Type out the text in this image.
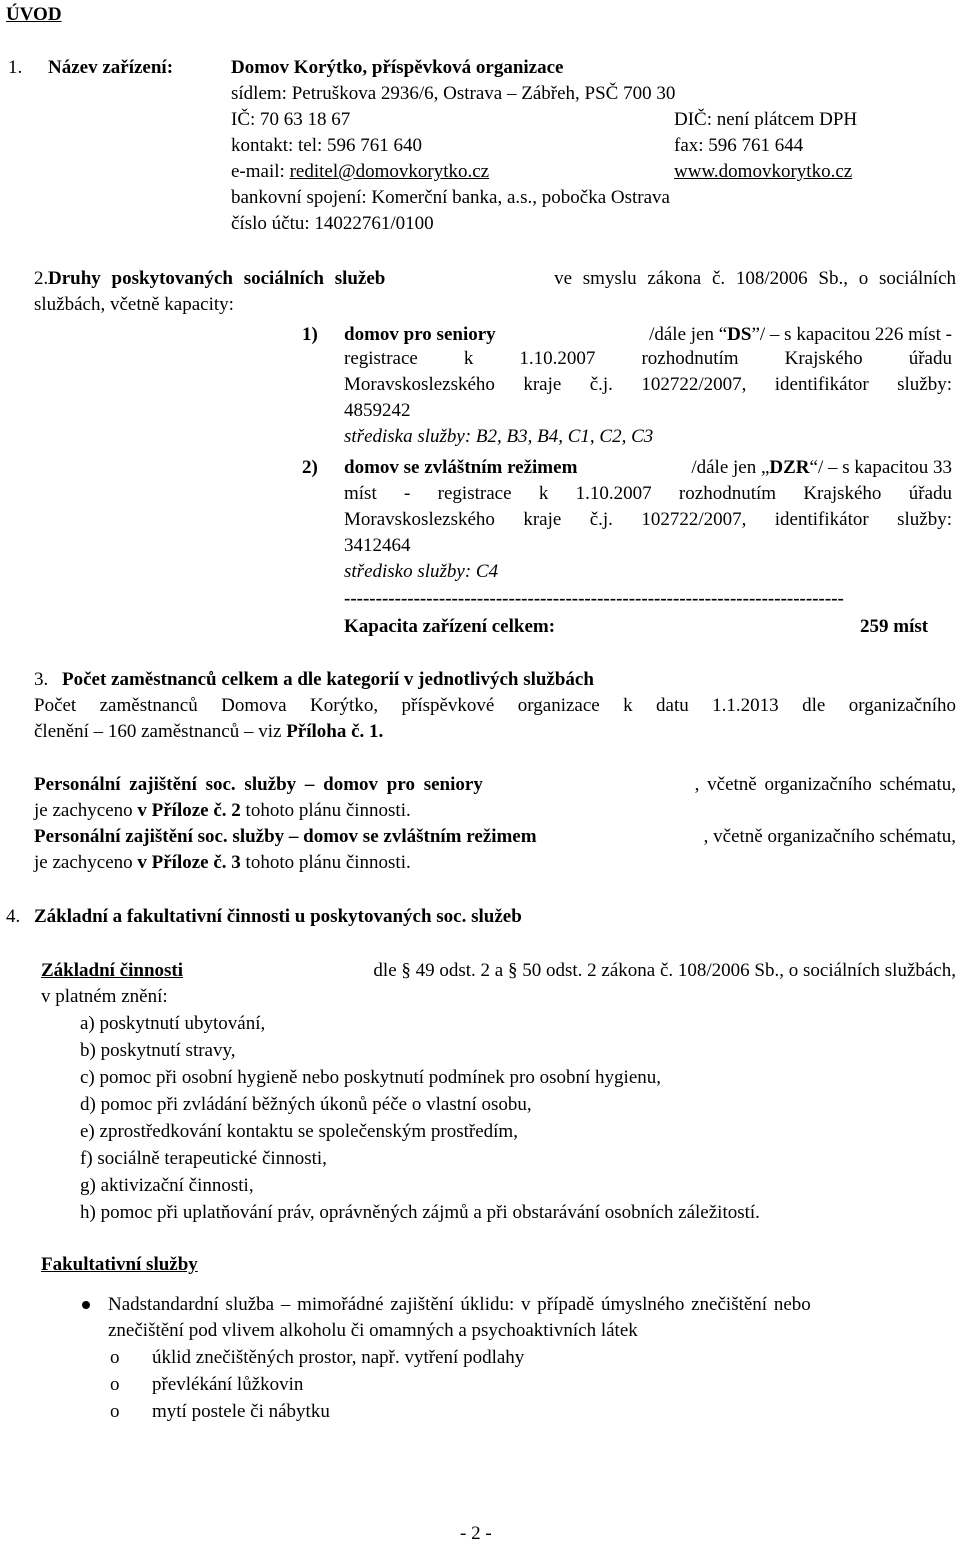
ÚVOD
1. Název zařízení:	Domov Korýtko, příspěvková organizace
sídlem: Petruškova 2936/6, Ostrava – Zábřeh, PSČ 700 30
IČ: 70 63 18 67	DIČ: není plátcem DPH
kontakt: tel: 596 761 640	fax: 596 761 644
e-mail: reditel@domovkorytko.cz	www.domovkorytko.cz
bankovní spojení: Komerční banka, a.s., pobočka Ostrava
číslo účtu: 14022761/0100
2. Druhy poskytovaných sociálních služeb	ve smyslu zákona č. 108/2006 Sb., o sociálních
službách, včetně kapacity:
1) domov pro seniory	/dále jen “DS”/ – s kapacitou 226 míst -
registrace k 1.10.2007 rozhodnutím Krajského úřadu
Moravskoslezského kraje č.j. 102722/2007, identifikátor služby:
4859242
střediska služby: B2, B3, B4, C1, C2, C3
2) domov se zvláštním režimem	/dále jen „DZR“/ – s kapacitou 33
míst - registrace k 1.10.2007 rozhodnutím Krajského úřadu
Moravskoslezského kraje č.j. 102722/2007, identifikátor služby:
3412464
středisko služby: C4
-------------------------------------------------------------------------------
Kapacita zařízení celkem:	259 míst
3. Počet zaměstnanců celkem a dle kategorií v jednotlivých službách
Počet zaměstnanců Domova Korýtko, příspěvkové organizace k datu 1.1.2013 dle organizačního
členění – 160 zaměstnanců – viz Příloha č. 1.
Personální zajištění soc. služby – domov pro seniory	, včetně organizačního schématu,
je zachyceno v Příloze č. 2 tohoto plánu činnosti.
Personální zajištění soc. služby – domov se zvláštním režimem	, včetně organizačního schématu,
je zachyceno v Příloze č. 3 tohoto plánu činnosti.
4. Základní a fakultativní činnosti u poskytovaných soc. služeb
Základní činnosti	dle § 49 odst. 2 a § 50 odst. 2 zákona č. 108/2006 Sb., o sociálních službách,
v platném znění:
a) poskytnutí ubytování,
b) poskytnutí stravy,
c) pomoc při osobní hygieně nebo poskytnutí podmínek pro osobní hygienu,
d) pomoc při zvládání běžných úkonů péče o vlastní osobu,
e) zprostředkování kontaktu se společenským prostředím,
f) sociálně terapeutické činnosti,
g) aktivizační činnosti,
h) pomoc při uplatňování práv, oprávněných zájmů a při obstarávání osobních záležitostí.
Fakultativní služby
Nadstandardní služba – mimořádné zajištění úklidu: v případě úmyslného znečištění nebo
znečištění pod vlivem alkoholu či omamných a psychoaktivních látek
o úklid znečištěných prostor, např. vytření podlahy
o převlékání lůžkovin
o mytí postele či nábytku
- 2 -
